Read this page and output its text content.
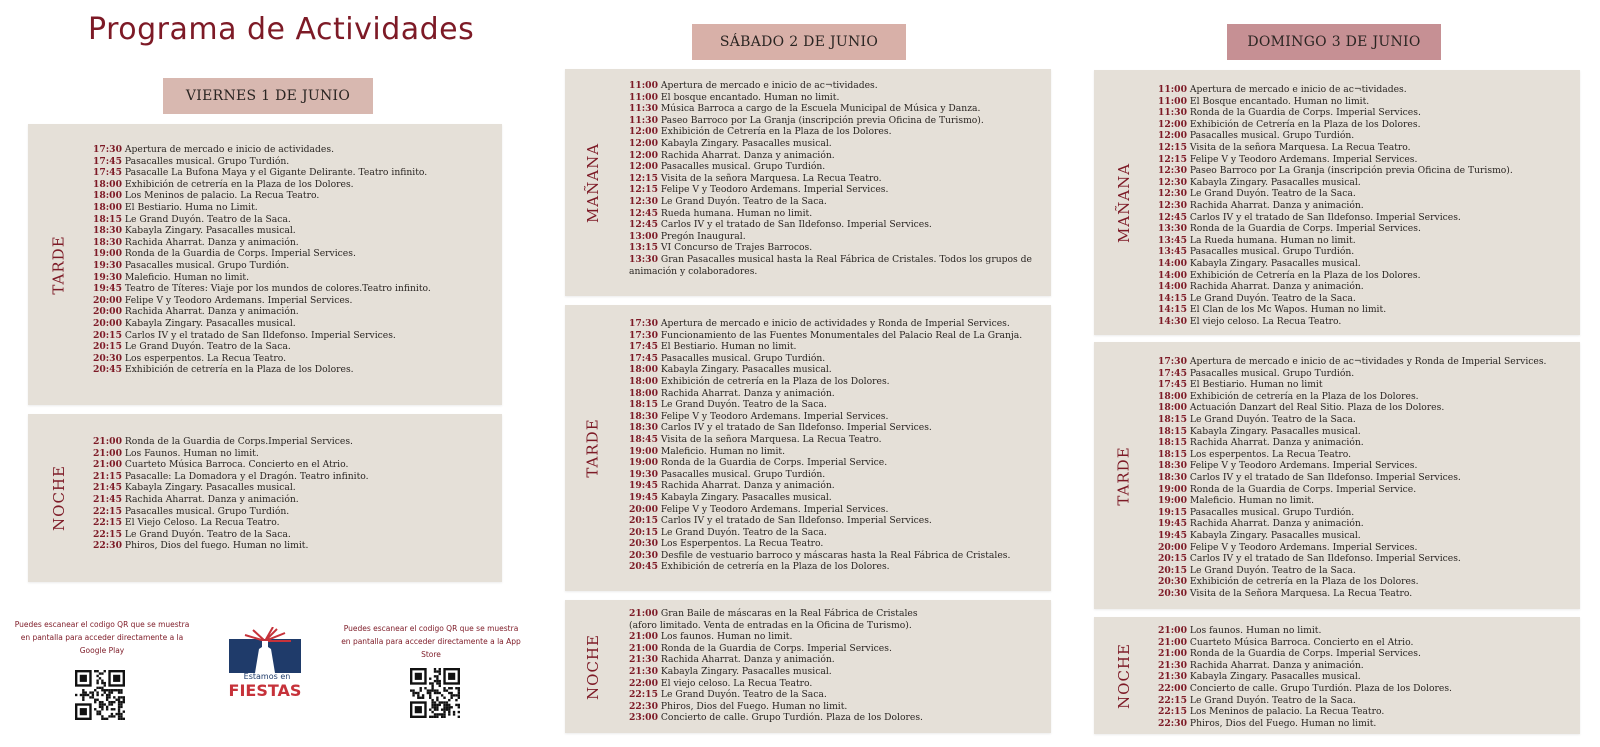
Programa de Actividades
VIERNES 1 DE JUNIO
SÁBADO 2 DE JUNIO	DOMINGO 3 DE JUNIO
TARDE
17:30 Apertura de mercado e inicio de actividades.
17:45 Pasacalles musical. Grupo Turdión.
17:45 Pasacalle La Bufona Maya y el Gigante Delirante. Teatro infinito.
18:00 Exhibición de cetrería en la Plaza de los Dolores.
18:00 Los Meninos de palacio. La Recua Teatro.
18:00 El Bestiario. Huma no Limit.
18:15 Le Grand Duyón. Teatro de la Saca.
18:30 Kabayla Zingary. Pasacalles musical.
18:30 Rachida Aharrat. Danza y animación.
19:00 Ronda de la Guardia de Corps. Imperial Services.
19:30 Pasacalles musical. Grupo Turdión.
19:30 Maleficio. Human no limit.
19:45 Teatro de Títeres: Viaje por los mundos de colores.Teatro infinito.
20:00 Felipe V y Teodoro Ardemans. Imperial Services.
20:00 Rachida Aharrat. Danza y animación.
20:00 Kabayla Zingary. Pasacalles musical.
20:15 Carlos IV y el tratado de San Ildefonso. Imperial Services.
20:15 Le Grand Duyón. Teatro de la Saca.
20:30 Los esperpentos. La Recua Teatro.
20:45 Exhibición de cetrería en la Plaza de los Dolores.
NOCHE
21:00 Ronda de la Guardia de Corps.Imperial Services.
21:00 Los Faunos. Human no limit.
21:00 Cuarteto Música Barroca. Concierto en el Atrio.
21:15 Pasacalle: La Domadora y el Dragón. Teatro infinito.
21:45 Kabayla Zingary. Pasacalles musical.
21:45 Rachida Aharrat. Danza y animación.
22:15 Pasacalles musical. Grupo Turdión.
22:15 El Viejo Celoso. La Recua Teatro.
22:15 Le Grand Duyón. Teatro de la Saca.
22:30 Phiros, Dios del fuego. Human no limit.
MAÑANA
11:00 Apertura de mercado e inicio de ac¬tividades.
11:00 El bosque encantado. Human no limit.
11:30 Música Barroca a cargo de la Escuela Municipal de Música y Danza.
11:30 Paseo Barroco por La Granja (inscripción previa Oficina de Turismo).
12:00 Exhibición de Cetrería en la Plaza de los Dolores.
12:00 Kabayla Zingary. Pasacalles musical.
12:00 Rachida Aharrat. Danza y animación.
12:00 Pasacalles musical. Grupo Turdión.
12:15 Visita de la señora Marquesa. La Recua Teatro.
12:15 Felipe V y Teodoro Ardemans. Imperial Services.
12:30 Le Grand Duyón. Teatro de la Saca.
12:45 Rueda humana. Human no limit.
12:45 Carlos IV y el tratado de San Ildefonso. Imperial Services.
13:00 Pregón Inaugural.
13:15 VI Concurso de Trajes Barrocos.
13:30 Gran Pasacalles musical hasta la Real Fábrica de Cristales. Todos los grupos de animación y colaboradores.
TARDE
17:30 Apertura de mercado e inicio de actividades y Ronda de Imperial Services.
17:30 Funcionamiento de las Fuentes Monumentales del Palacio Real de La Granja.
17:45 El Bestiario. Human no limit.
17:45 Pasacalles musical. Grupo Turdión.
18:00 Kabayla Zingary. Pasacalles musical.
18:00 Exhibición de cetrería en la Plaza de los Dolores.
18:00 Rachida Aharrat. Danza y animación.
18:15 Le Grand Duyón. Teatro de la Saca.
18:30 Felipe V y Teodoro Ardemans. Imperial Services.
18:30 Carlos IV y el tratado de San Ildefonso. Imperial Services.
18:45 Visita de la señora Marquesa. La Recua Teatro.
19:00 Maleficio. Human no limit.
19:00 Ronda de la Guardia de Corps. Imperial Service.
19:30 Pasacalles musical. Grupo Turdión.
19:45 Rachida Aharrat. Danza y animación.
19:45 Kabayla Zingary. Pasacalles musical.
20:00 Felipe V y Teodoro Ardemans. Imperial Services.
20:15 Carlos IV y el tratado de San Ildefonso. Imperial Services.
20:15 Le Grand Duyón. Teatro de la Saca.
20:30 Los Esperpentos. La Recua Teatro.
20:30 Desfile de vestuario barroco y máscaras hasta la Real Fábrica de Cristales.
20:45 Exhibición de cetrería en la Plaza de los Dolores.
NOCHE
21:00 Gran Baile de máscaras en la Real Fábrica de Cristales
(aforo limitado. Venta de entradas en la Oficina de Turismo).
21:00 Los faunos. Human no limit.
21:00 Ronda de la Guardia de Corps. Imperial Services.
21:30 Rachida Aharrat. Danza y animación.
21:30 Kabayla Zingary. Pasacalles musical.
22:00 El viejo celoso. La Recua Teatro.
22:15 Le Grand Duyón. Teatro de la Saca.
22:30 Phiros, Dios del Fuego. Human no limit.
23:00 Concierto de calle. Grupo Turdión. Plaza de los Dolores.
MAÑANA
11:00 Apertura de mercado e inicio de ac¬tividades.
11:00 El Bosque encantado. Human no limit.
11:30 Ronda de la Guardia de Corps. Imperial Services.
12:00 Exhibición de Cetrería en la Plaza de los Dolores.
12:00 Pasacalles musical. Grupo Turdión.
12:15 Visita de la señora Marquesa. La Recua Teatro.
12:15 Felipe V y Teodoro Ardemans. Imperial Services.
12:30 Paseo Barroco por La Granja (inscripción previa Oficina de Turismo).
12:30 Kabayla Zingary. Pasacalles musical.
12:30 Le Grand Duyón. Teatro de la Saca.
12:30 Rachida Aharrat. Danza y animación.
12:45 Carlos IV y el tratado de San Ildefonso. Imperial Services.
13:30 Ronda de la Guardia de Corps. Imperial Services.
13:45 La Rueda humana. Human no limit.
13:45 Pasacalles musical. Grupo Turdión.
14:00 Kabayla Zingary. Pasacalles musical.
14:00 Exhibición de Cetrería en la Plaza de los Dolores.
14:00 Rachida Aharrat. Danza y animación.
14:15 Le Grand Duyón. Teatro de la Saca.
14:15 El Clan de los Mc Wapos. Human no limit.
14:30 El viejo celoso. La Recua Teatro.
TARDE
17:30 Apertura de mercado e inicio de ac¬tividades y Ronda de Imperial Services.
17:45 Pasacalles musical. Grupo Turdión.
17:45 El Bestiario. Human no limit
18:00 Exhibición de cetrería en la Plaza de los Dolores.
18:00 Actuación Danzart del Real Sitio. Plaza de los Dolores.
18:15 Le Grand Duyón. Teatro de la Saca.
18:15 Kabayla Zingary. Pasacalles musical.
18:15 Rachida Aharrat. Danza y animación.
18:15 Los esperpentos. La Recua Teatro.
18:30 Felipe V y Teodoro Ardemans. Imperial Services.
18:30 Carlos IV y el tratado de San Ildefonso. Imperial Services.
19:00 Ronda de la Guardia de Corps. Imperial Service.
19:00 Maleficio. Human no limit.
19:15 Pasacalles musical. Grupo Turdión.
19:45 Rachida Aharrat. Danza y animación.
19:45 Kabayla Zingary. Pasacalles musical.
20:00 Felipe V y Teodoro Ardemans. Imperial Services.
20:15 Carlos IV y el tratado de San Ildefonso. Imperial Services.
20:15 Le Grand Duyón. Teatro de la Saca.
20:30 Exhibición de cetrería en la Plaza de los Dolores.
20:30 Visita de la Señora Marquesa. La Recua Teatro.
NOCHE
21:00 Los faunos. Human no limit.
21:00 Cuarteto Música Barroca. Concierto en el Atrio.
21:00 Ronda de la Guardia de Corps. Imperial Services.
21:30 Rachida Aharrat. Danza y animación.
21:30 Kabayla Zingary. Pasacalles musical.
22:00 Concierto de calle. Grupo Turdión. Plaza de los Dolores.
22:15 Le Grand Duyón. Teatro de la Saca.
22:15 Los Meninos de palacio. La Recua Teatro.
22:30 Phiros, Dios del Fuego. Human no limit.
Puedes escanear el codigo QR que se muestra en pantalla para acceder directamente a la Google Play
Estamos en
FIESTAS
Puedes escanear el codigo QR que se muestra en pantalla para acceder directamente a la App Store
